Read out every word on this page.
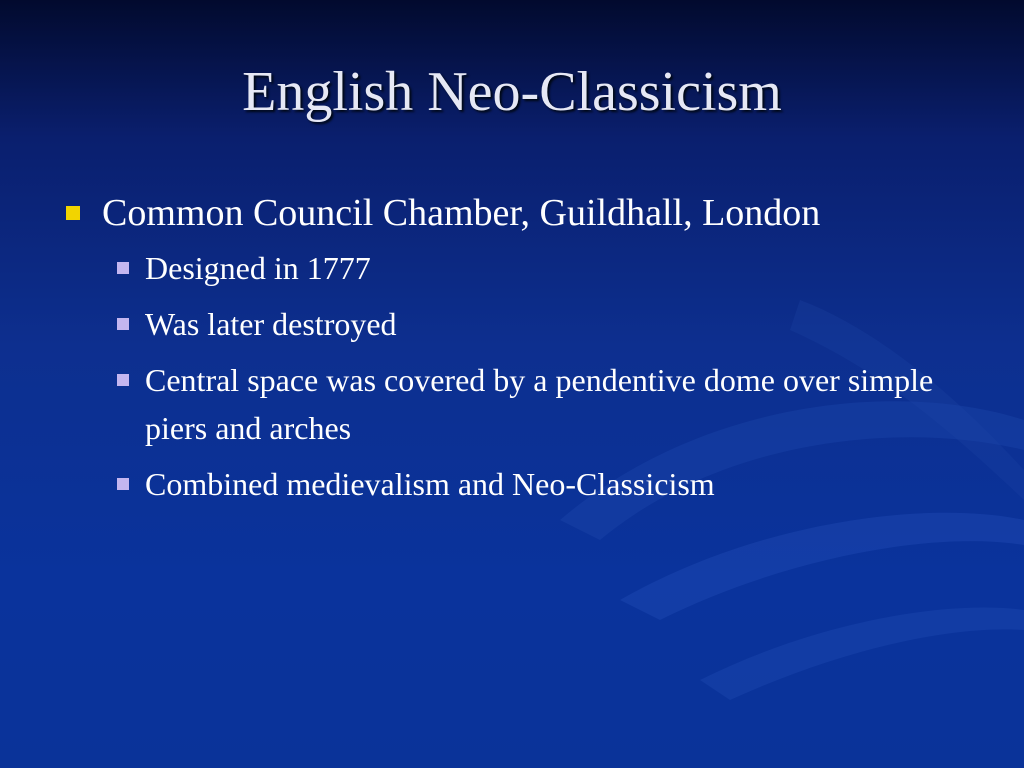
English Neo-Classicism
Common Council Chamber, Guildhall, London
Designed in 1777
Was later destroyed
Central space was covered by a pendentive dome over simple piers and arches
Combined medievalism and Neo-Classicism
